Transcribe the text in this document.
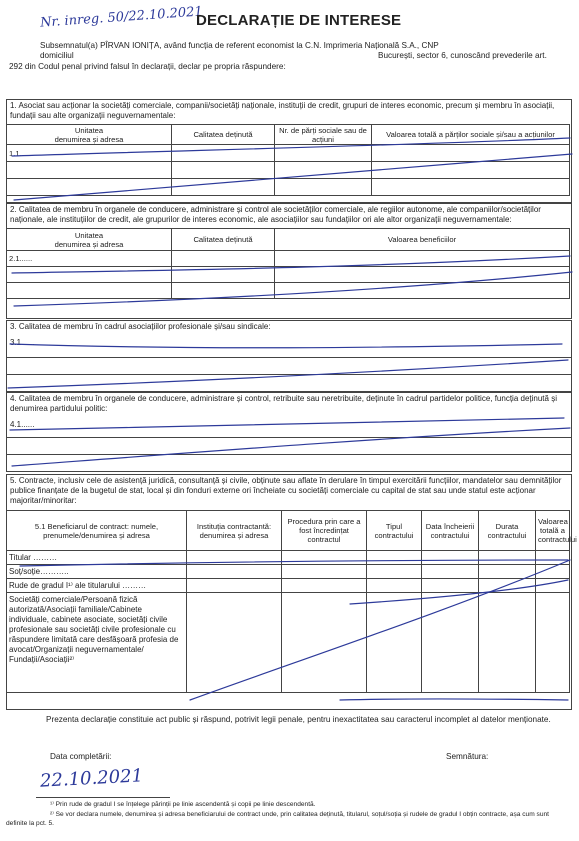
Nr. inreg. 50/22.10.2021
DECLARAȚIE DE INTERESE
Subsemnatul(a) PÎRVAN IONIȚA, având funcția de referent economist la C.N. Imprimeria Națională S.A., CNP
domiciliul	București, sector 6, cunoscând prevederile art.
292 din Codul penal privind falsul în declarații, declar pe propria răspundere:
1. Asociat sau acționar la societăți comerciale, companii/societăți naționale, instituții de credit, grupuri de interes economic, precum și membru în asociații, fundații sau alte organizații neguvernamentale:
Unitatea
denumirea și adresa	Calitatea deținută	Nr. de părți sociale sau de acțiuni	Valoarea totală a părților sociale și/sau a acțiunilor
1.1......			

2. Calitatea de membru în organele de conducere, administrare și control ale societăților comerciale, ale regiilor autonome, ale companiilor/societăților naționale, ale instituțiilor de credit, ale grupurilor de interes economic, ale asociațiilor sau fundațiilor ori ale altor organizații neguvernamentale:
Unitatea
denumirea și adresa	Calitatea deținută	Valoarea beneficiilor
2.1......		

3. Calitatea de membru în cadrul asociațiilor profesionale și/sau sindicale:
3.1......
4. Calitatea de membru în organele de conducere, administrare și control, retribuite sau neretribuite, deținute în cadrul partidelor politice, funcția deținută și denumirea partidului politic:
4.1......
5. Contracte, inclusiv cele de asistență juridică, consultanță și civile, obținute sau aflate în derulare în timpul exercitării funcțiilor, mandatelor sau demnităților publice finanțate de la bugetul de stat, local și din fonduri externe ori încheiate cu societăți comerciale cu capital de stat sau unde statul este acționar majoritar/minoritar:
5.1 Beneficiarul de contract: numele, prenumele/denumirea și adresa	Instituția contractantă: denumirea și adresa	Procedura prin care a fost încredințat contractul	Tipul contractului	Data încheierii contractului	Durata contractului	Valoarea totală a contractului
Titular ………						
Soț/soție………..						
Rude de gradul I¹⁾ ale titularului ………						
Societăți comerciale/Persoană fizică autorizată/Asociații familiale/Cabinete individuale, cabinete asociate, societăți civile profesionale sau societăți civile profesionale cu răspundere limitată care desfășoară profesia de avocat/Organizații neguvernamentale/ Fundații/Asociații²⁾						
Prezenta declarație constituie act public și răspund, potrivit legii penale, pentru inexactitatea sau caracterul incomplet al datelor menționate.
Data completării:	Semnătura:
22.10.2021
¹⁾ Prin rude de gradul I se înțelege părinții pe linie ascendentă și copii pe linie descendentă.
²⁾ Se vor declara numele, denumirea și adresa beneficiarului de contract unde, prin calitatea deținută, titularul, soțul/soția și rudele de gradul I obțin contracte, așa cum sunt definite la pct. 5.
